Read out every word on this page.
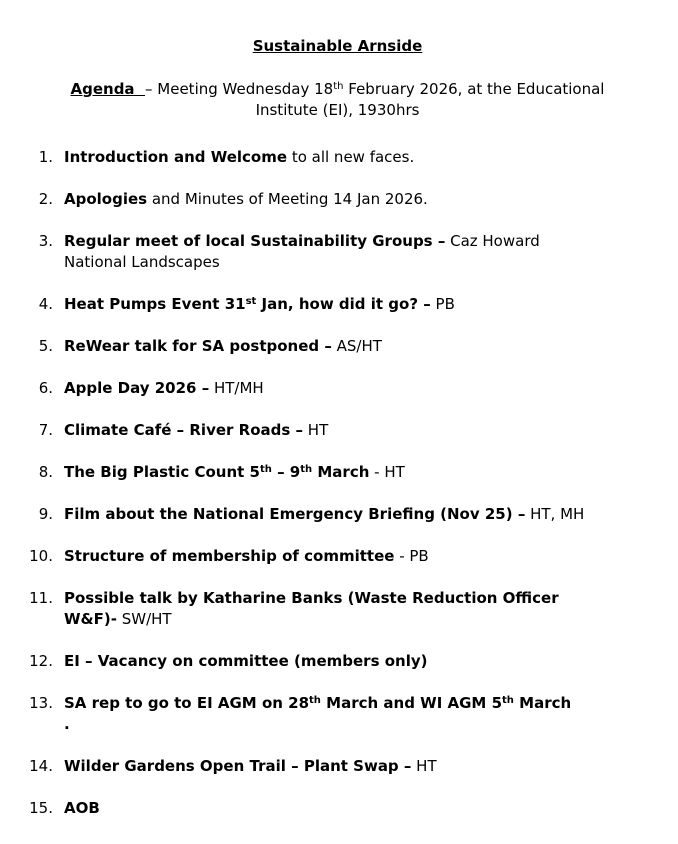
Sustainable Arnside

Agenda  – Meeting Wednesday 18th February 2026, at the Educational
Institute (EI), 1930hrs

1. Introduction and Welcome to all new faces.
2. Apologies and Minutes of Meeting 14 Jan 2026.
3. Regular meet of local Sustainability Groups – Caz Howard
National Landscapes
4. Heat Pumps Event 31st Jan, how did it go? – PB
5. ReWear talk for SA postponed – AS/HT
6. Apple Day 2026 – HT/MH
7. Climate Café – River Roads – HT
8. The Big Plastic Count 5th – 9th March - HT
9. Film about the National Emergency Briefing (Nov 25) – HT, MH
10. Structure of membership of committee - PB
11. Possible talk by Katharine Banks (Waste Reduction Officer
W&F)- SW/HT
12. EI – Vacancy on committee (members only)
13. SA rep to go to EI AGM on 28th March and WI AGM 5th March
.
14. Wilder Gardens Open Trail – Plant Swap – HT
15. AOB
